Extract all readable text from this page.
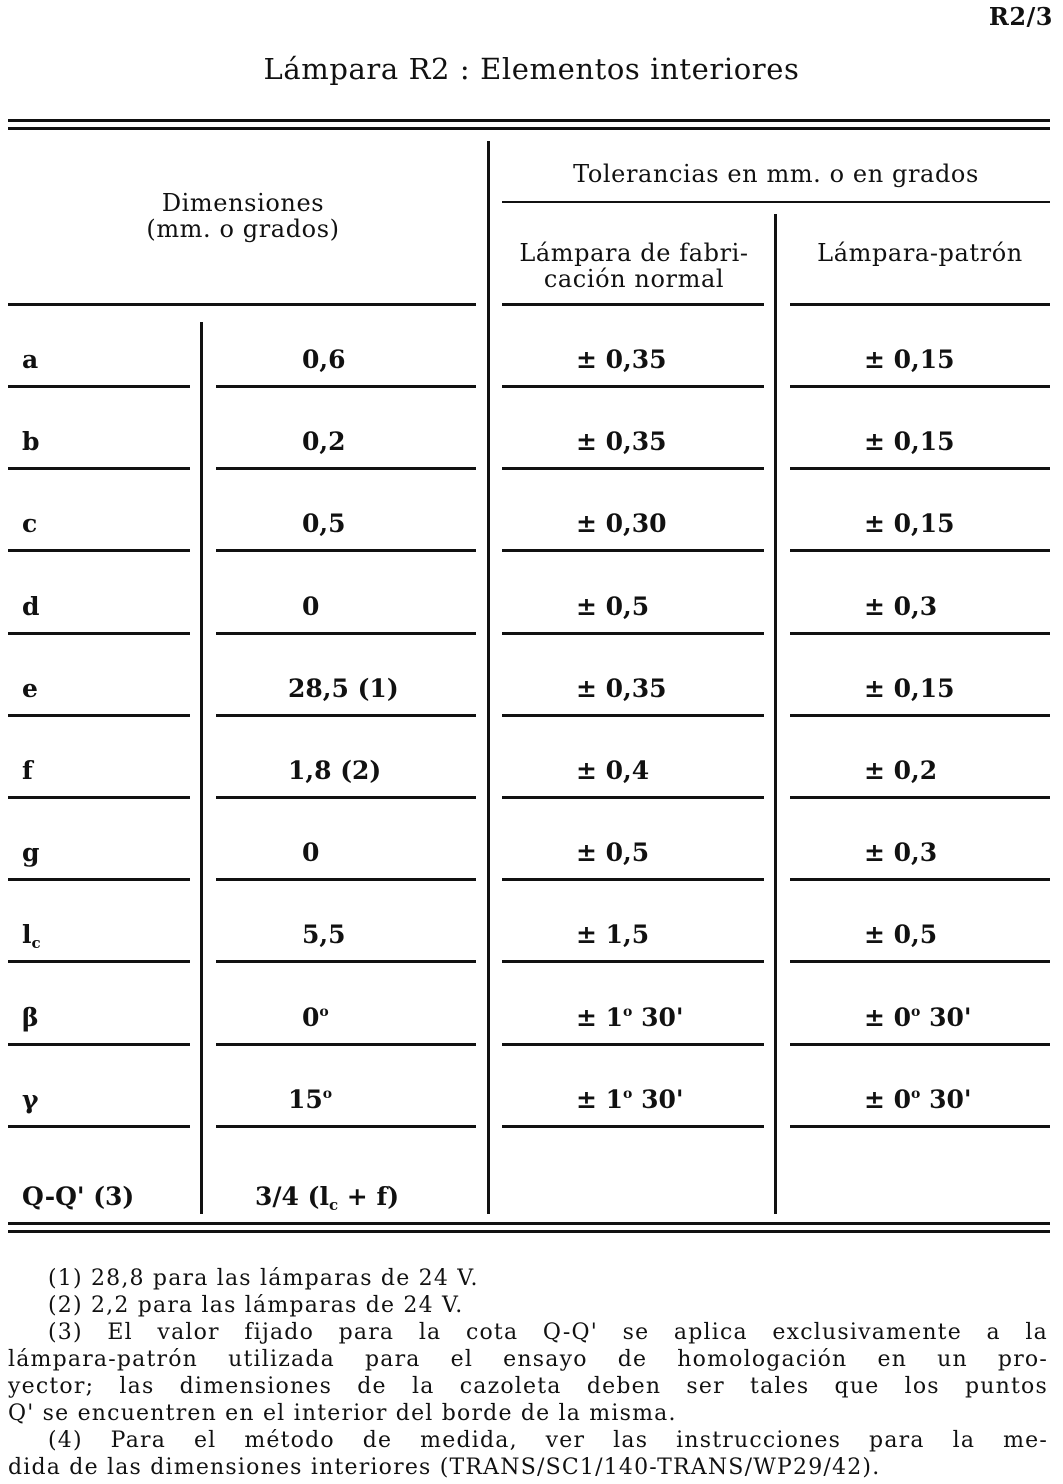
R2/3
Lámpara R2 : Elementos interiores
Dimensiones
(mm. o grados)
Tolerancias en mm. o en grados
Lámpara de fabri-
cación normal
Lámpara-patrón
a	0,6	± 0,35	± 0,15
b	0,2	± 0,35	± 0,15
c	0,5	± 0,30	± 0,15
d	0	± 0,5	± 0,3
e	28,5 (1)	± 0,35	± 0,15
f	1,8 (2)	± 0,4	± 0,2
g	0	± 0,5	± 0,3
$l_c$	5,5	± 1,5	± 0,5
β	$0^o$	± $1^o$ 30'	± $0^o$ 30'
γ	$15^o$	± $1^o$ 30'	± $0^o$ 30'
Q-Q' (3)	3/4 $(l_c + f)$
(1) 28,8 para las lámparas de 24 V.
(2) 2,2 para las lámparas de 24 V.
(3) El valor fijado para la cota Q-Q' se aplica exclusivamente a la
lámpara-patrón utilizada para el ensayo de homologación en un pro-
yector; las dimensiones de la cazoleta deben ser tales que los puntos
Q' se encuentren en el interior del borde de la misma.
(4) Para el método de medida, ver las instrucciones para la me-
dida de las dimensiones interiores (TRANS/SC1/140-TRANS/WP29/42).
